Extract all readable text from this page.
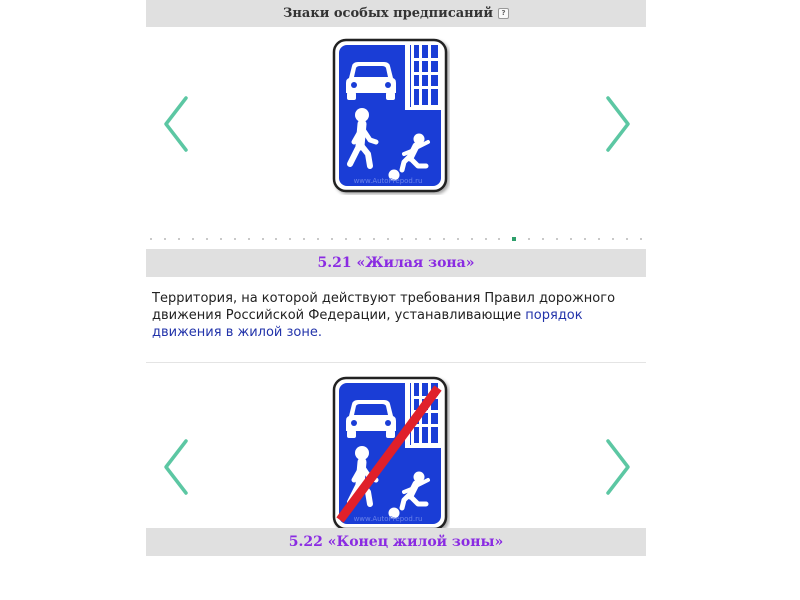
Знаки особых предписаний	?
www.AutoPrepod.ru
5.21 «Жилая зона»
Территория, на которой действуют требования Правил дорожного движения Российской Федерации, устанавливающие порядок движения в жилой зоне.
www.AutoPrepod.ru
5.22 «Конец жилой зоны»
